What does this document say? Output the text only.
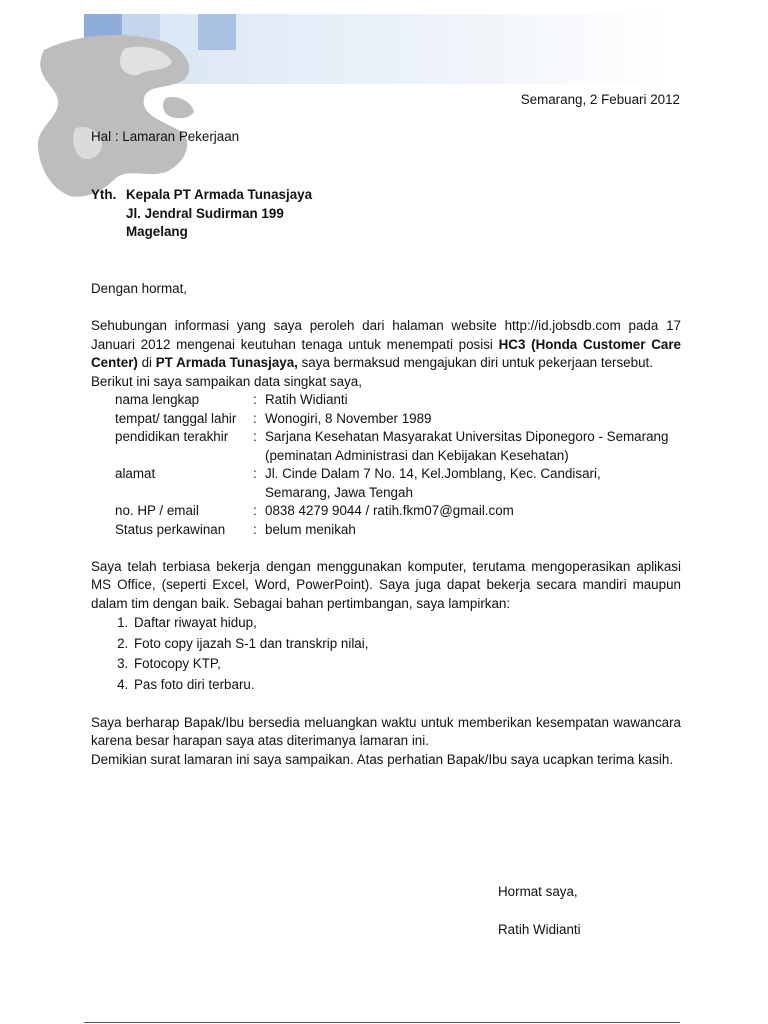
Semarang, 2 Febuari 2012
Hal : Lamaran Pekerjaan
Yth. Kepala PT Armada Tunasjaya
Jl. Jendral Sudirman 199
Magelang
Dengan hormat,

Sehubungan informasi yang saya peroleh dari halaman website http://id.jobsdb.com pada 17 Januari 2012 mengenai keutuhan tenaga untuk menempati posisi HC3 (Honda Customer Care Center) di PT Armada Tunasjaya, saya bermaksud mengajukan diri untuk pekerjaan tersebut.

Berikut ini saya sampaikan data singkat saya,

nama lengkap	:	Ratih Widianti
tempat/ tanggal lahir	:	Wonogiri, 8 November 1989
pendidikan terakhir	:	Sarjana Kesehatan Masyarakat Universitas Diponegoro - Semarang
(peminatan Administrasi dan Kebijakan Kesehatan)

alamat	:	Jl. Cinde Dalam 7 No. 14, Kel.Jomblang, Kec. Candisari,
Semarang, Jawa Tengah

no. HP / email	:	0838 4279 9044 / ratih.fkm07@gmail.com
Status perkawinan	:	belum menikah

Saya telah terbiasa bekerja dengan menggunakan komputer, terutama mengoperasikan aplikasi MS Office, (seperti Excel, Word, PowerPoint). Saya juga dapat bekerja secara mandiri maupun dalam tim dengan baik. Sebagai bahan pertimbangan, saya lampirkan:

1. Daftar riwayat hidup,
2. Foto copy ijazah S-1 dan transkrip nilai,
3. Fotocopy KTP,
4. Pas foto diri terbaru.

Saya berharap Bapak/Ibu bersedia meluangkan waktu untuk memberikan kesempatan wawancara karena besar harapan saya atas diterimanya lamaran ini.

Demikian surat lamaran ini saya sampaikan. Atas perhatian Bapak/Ibu saya ucapkan terima kasih.

Hormat saya,
Ratih Widianti
